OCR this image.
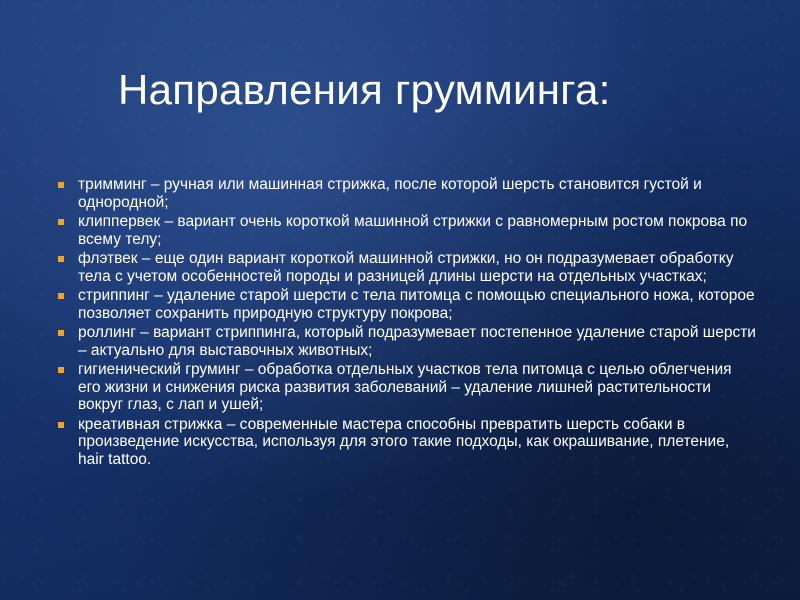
Направления грумминга:
тримминг – ручная или машинная стрижка, после которой шерсть становится густой и однородной;
клиппервек – вариант очень короткой машинной стрижки с равномерным ростом покрова по всему телу;
флэтвек – еще один вариант короткой машинной стрижки, но он подразумевает обработку тела с учетом особенностей породы и разницей длины шерсти на отдельных участках;
стриппинг – удаление старой шерсти с тела питомца с помощью специального ножа, которое позволяет сохранить природную структуру покрова;
роллинг – вариант стриппинга, который подразумевает постепенное удаление старой шерсти – актуально для выставочных животных;
гигиенический груминг – обработка отдельных участков тела питомца с целью облегчения его жизни и снижения риска развития заболеваний – удаление лишней растительности вокруг глаз, с лап и ушей;
креативная стрижка – современные мастера способны превратить шерсть собаки в произведение искусства, используя для этого такие подходы, как окрашивание, плетение, hair tattoo.
